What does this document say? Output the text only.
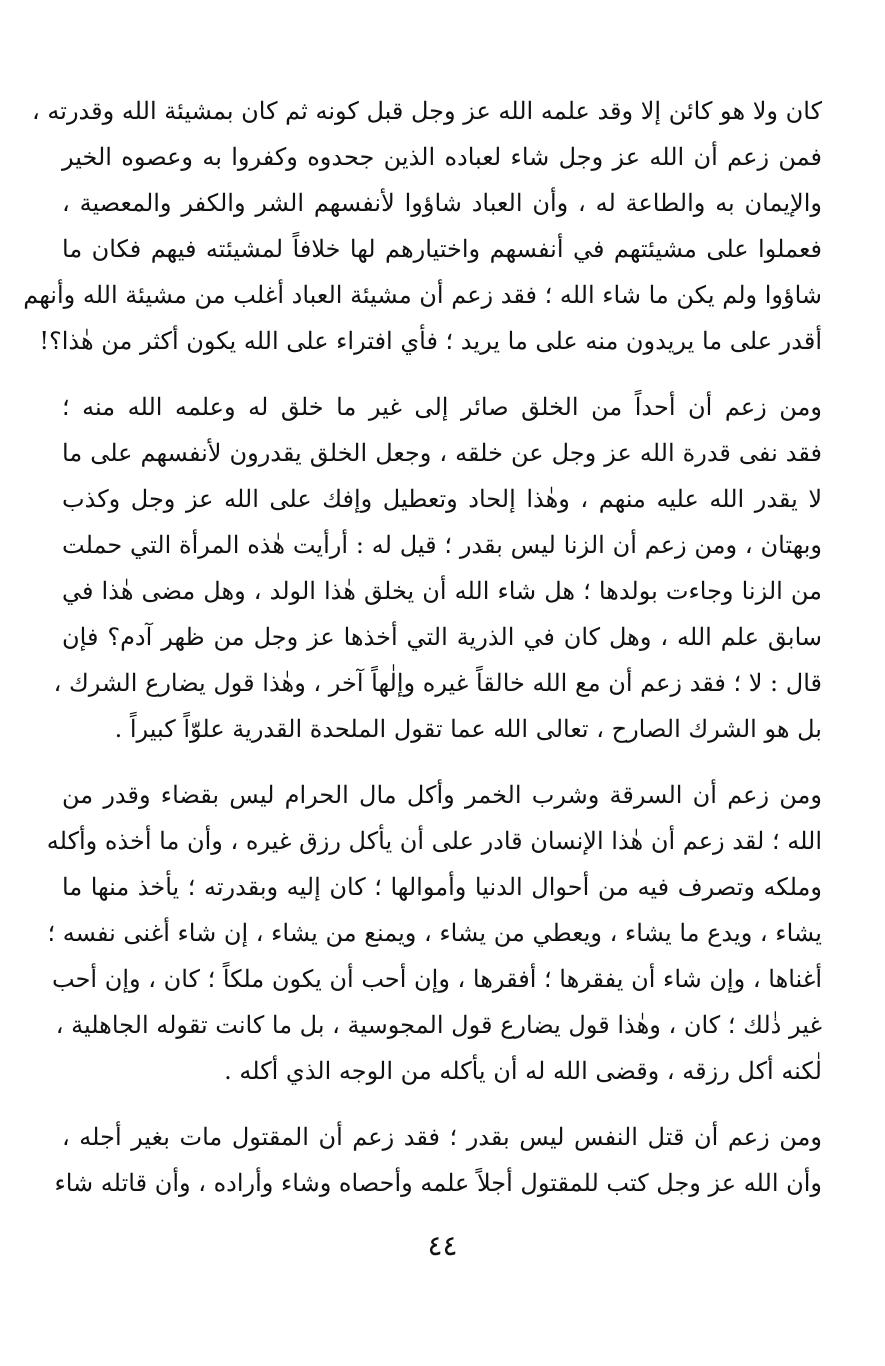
كان ولا هو كائن إلا وقد علمه الله عز وجل قبل كونه ثم كان بمشيئة الله وقدرته ،
فمن زعم أن الله عز وجل شاء لعباده الذين جحدوه وكفروا به وعصوه الخير
والإيمان به والطاعة له ، وأن العباد شاؤوا لأنفسهم الشر والكفر والمعصية ،
فعملوا على مشيئتهم في أنفسهم واختيارهم لها خلافاً لمشيئته فيهم فكان ما
شاؤوا ولم يكن ما شاء الله ؛ فقد زعم أن مشيئة العباد أغلب من مشيئة الله وأنهم
أقدر على ما يريدون منه على ما يريد ؛ فأي افتراء على الله يكون أكثر من هٰذا؟!
ومن زعم أن أحداً من الخلق صائر إلى غير ما خلق له وعلمه الله منه ؛
فقد نفى قدرة الله عز وجل عن خلقه ، وجعل الخلق يقدرون لأنفسهم على ما
لا يقدر الله عليه منهم ، وهٰذا إلحاد وتعطيل وإفك على الله عز وجل وكذب
وبهتان ، ومن زعم أن الزنا ليس بقدر ؛ قيل له : أرأيت هٰذه المرأة التي حملت
من الزنا وجاءت بولدها ؛ هل شاء الله أن يخلق هٰذا الولد ، وهل مضى هٰذا في
سابق علم الله ، وهل كان في الذرية التي أخذها عز وجل من ظهر آدم؟ فإن
قال : لا ؛ فقد زعم أن مع الله خالقاً غيره وإلٰهاً آخر ، وهٰذا قول يضارع الشرك ،
بل هو الشرك الصارح ، تعالى الله عما تقول الملحدة القدرية علوّاً كبيراً .
ومن زعم أن السرقة وشرب الخمر وأكل مال الحرام ليس بقضاء وقدر من
الله ؛ لقد زعم أن هٰذا الإنسان قادر على أن يأكل رزق غيره ، وأن ما أخذه وأكله
وملكه وتصرف فيه من أحوال الدنيا وأموالها ؛ كان إليه وبقدرته ؛ يأخذ منها ما
يشاء ، ويدع ما يشاء ، ويعطي من يشاء ، ويمنع من يشاء ، إن شاء أغنى نفسه ؛
أغناها ، وإن شاء أن يفقرها ؛ أفقرها ، وإن أحب أن يكون ملكاً ؛ كان ، وإن أحب
غير ذٰلك ؛ كان ، وهٰذا قول يضارع قول المجوسية ، بل ما كانت تقوله الجاهلية ،
لٰكنه أكل رزقه ، وقضى الله له أن يأكله من الوجه الذي أكله .
ومن زعم أن قتل النفس ليس بقدر ؛ فقد زعم أن المقتول مات بغير أجله ،
وأن الله عز وجل كتب للمقتول أجلاً علمه وأحصاه وشاء وأراده ، وأن قاتله شاء
٤٤
